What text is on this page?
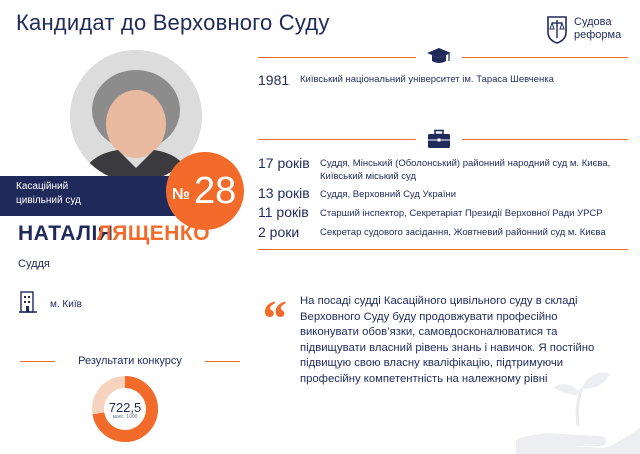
Кандидат до Верховного Суду	Судова
реформа
Касаційний
цивільний суд	№ 28
НАТАЛІЯ
ЛЯЩЕНКО
Суддя
м. Київ
Результати конкурсу
722,5
макс. 1000
1981 Київський національний університет ім. Тараса Шевченка
17 років Суддя, Мінський (Оболонський) районний народний суд м. Києва, Київський міський суд
13 років Суддя, Верховний Суд України
11 років Старший інспектор, Секретаріат Президії Верховної Ради УРСР
2 роки Секретар судового засідання, Жовтневий районний суд м. Києва
“ На посаді судді Касаційного цивільного суду в складі Верховного Суду буду продовжувати професійно виконувати обов’язки, самовдосконалюватися та підвищувати власний рівень знань і навичок. Я постійно підвищую свою власну кваліфікацію, підтримуючи професійну компетентність на належному рівні
